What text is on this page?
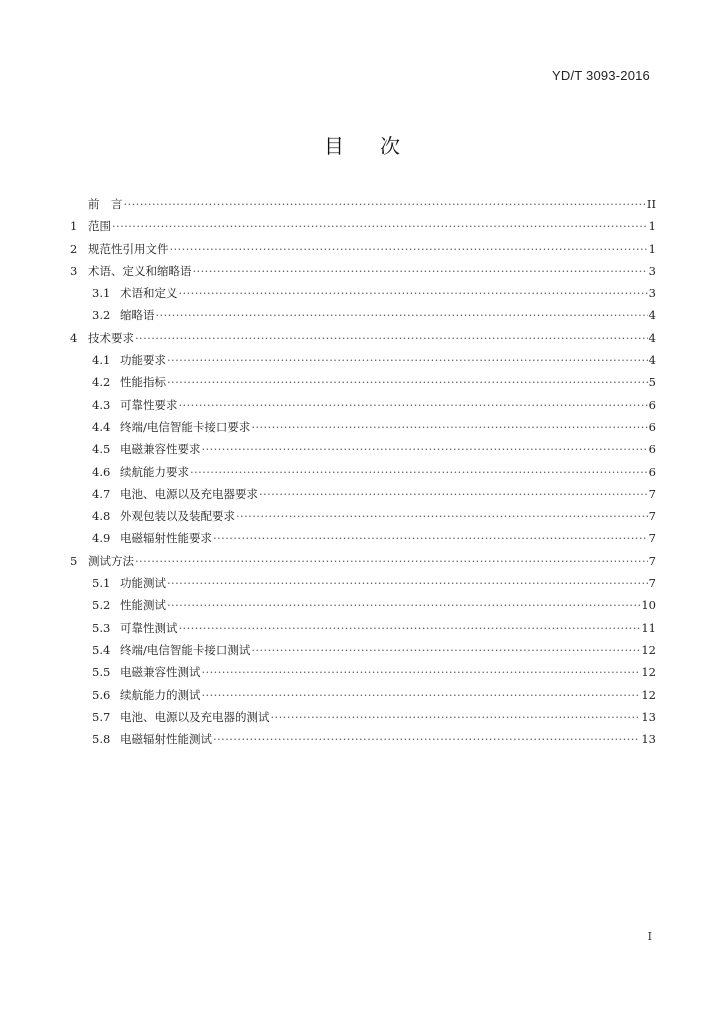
YD/T 3093-2016
目次
前　言 ·····	II
1 范围 ·····	1
2 规范性引用文件 ·····	1
3 术语、定义和缩略语 ·····	3
3.1 术语和定义 ·····	3
3.2 缩略语 ·····	4
4 技术要求 ·····	4
4.1 功能要求 ·····	4
4.2 性能指标 ·····	5
4.3 可靠性要求 ·····	6
4.4 终端/电信智能卡接口要求 ·····	6
4.5 电磁兼容性要求 ·····	6
4.6 续航能力要求 ·····	6
4.7 电池、电源以及充电器要求 ·····	7
4.8 外观包装以及装配要求 ·····	7
4.9 电磁辐射性能要求 ·····	7
5 测试方法 ·····	7
5.1 功能测试 ·····	7
5.2 性能测试 ·····	10
5.3 可靠性测试 ·····	11
5.4 终端/电信智能卡接口测试 ·····	12
5.5 电磁兼容性测试 ·····	12
5.6 续航能力的测试 ·····	12
5.7 电池、电源以及充电器的测试 ·····	13
5.8 电磁辐射性能测试 ·····	13
I
